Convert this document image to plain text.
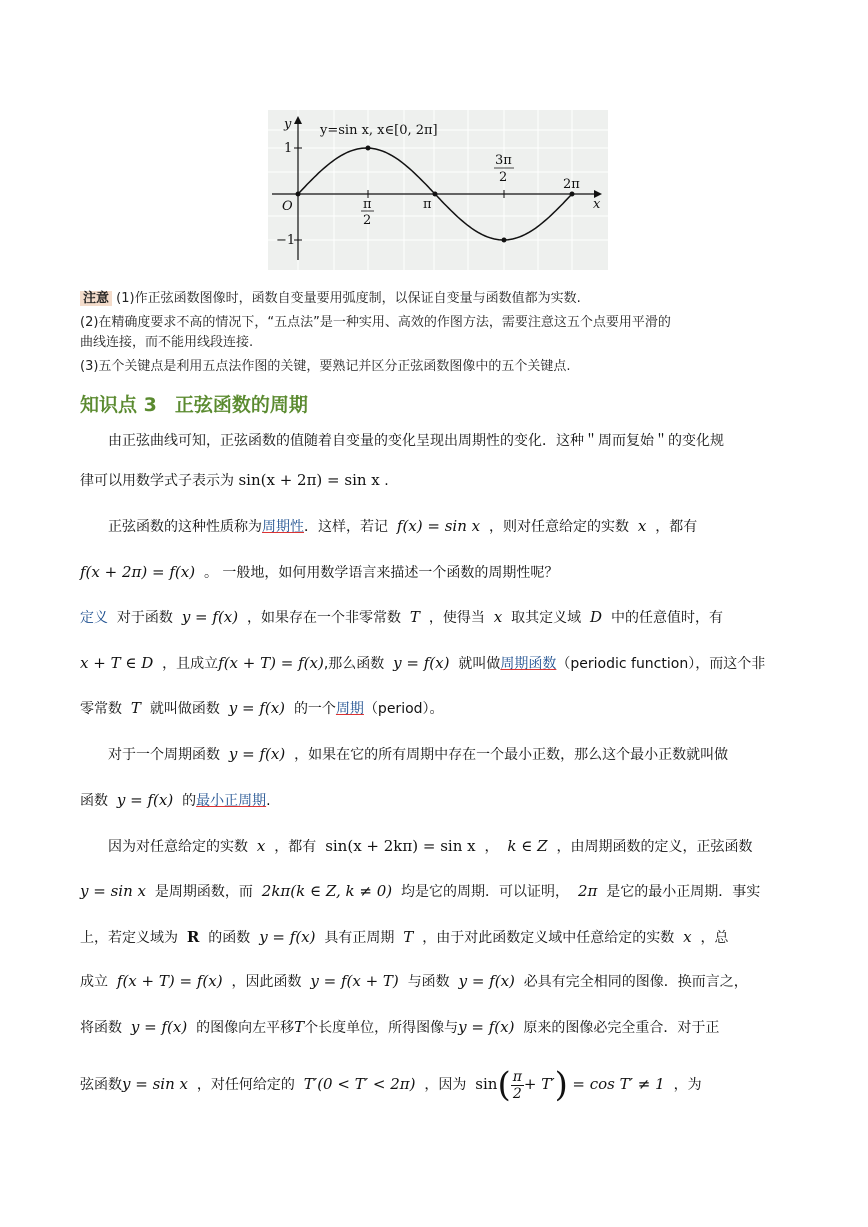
y=sin x, x∈[0, 2π]
y
x
O
1
−1
π
2
π
3π
2	2π
注意 (1)作正弦函数图像时，函数自变量要用弧度制，以保证自变量与函数值都为实数.
(2)在精确度要求不高的情况下，“五点法”是一种实用、高效的作图方法，需要注意这五个点要用平滑的
曲线连接，而不能用线段连接.
(3)五个关键点是利用五点法作图的关键，要熟记并区分正弦函数图像中的五个关键点.
知识点 3 正弦函数的周期
由正弦曲线可知，正弦函数的值随着自变量的变化呈现出周期性的变化．这种＂周而复始＂的变化规
律可以用数学式子表示为 sin(x + 2π) = sin x .
正弦函数的这种性质称为周期性．这样，若记 f(x) = sin x ，则对任意给定的实数 x ，都有
f(x + 2π) = f(x) 。 一般地，如何用数学语言来描述一个函数的周期性呢？
定义 对于函数 y = f(x) ，如果存在一个非零常数 T ，使得当 x 取其定义域 D 中的任意值时，有
x + T ∈ D ，且成立f(x + T) = f(x),那么函数 y = f(x) 就叫做周期函数（periodic function），而这个非
零常数 T 就叫做函数 y = f(x) 的一个周期（period）。
对于一个周期函数 y = f(x) ，如果在它的所有周期中存在一个最小正数，那么这个最小正数就叫做
函数 y = f(x) 的最小正周期.
因为对任意给定的实数 x ，都有 sin(x + 2kπ) = sin x ， k ∈ Z ，由周期函数的定义，正弦函数
y = sin x 是周期函数，而 2kπ(k ∈ Z, k ≠ 0) 均是它的周期．可以证明， 2π 是它的最小正周期．事实
上，若定义域为 R 的函数 y = f(x) 具有正周期 T ，由于对此函数定义域中任意给定的实数 x ，总
成立 f(x + T) = f(x) ，因此函数 y = f(x + T) 与函数 y = f(x) 必具有完全相同的图像．换而言之，
将函数 y = f(x) 的图像向左平移T个长度单位，所得图像与y = f(x) 原来的图像必完全重合．对于正
弦函数y = sin x ，对任何给定的 T′(0 < T′ < 2π) ，因为 $\sin( \frac{\pi}{2} + T') = \cos T' \ne 1$ ，为
